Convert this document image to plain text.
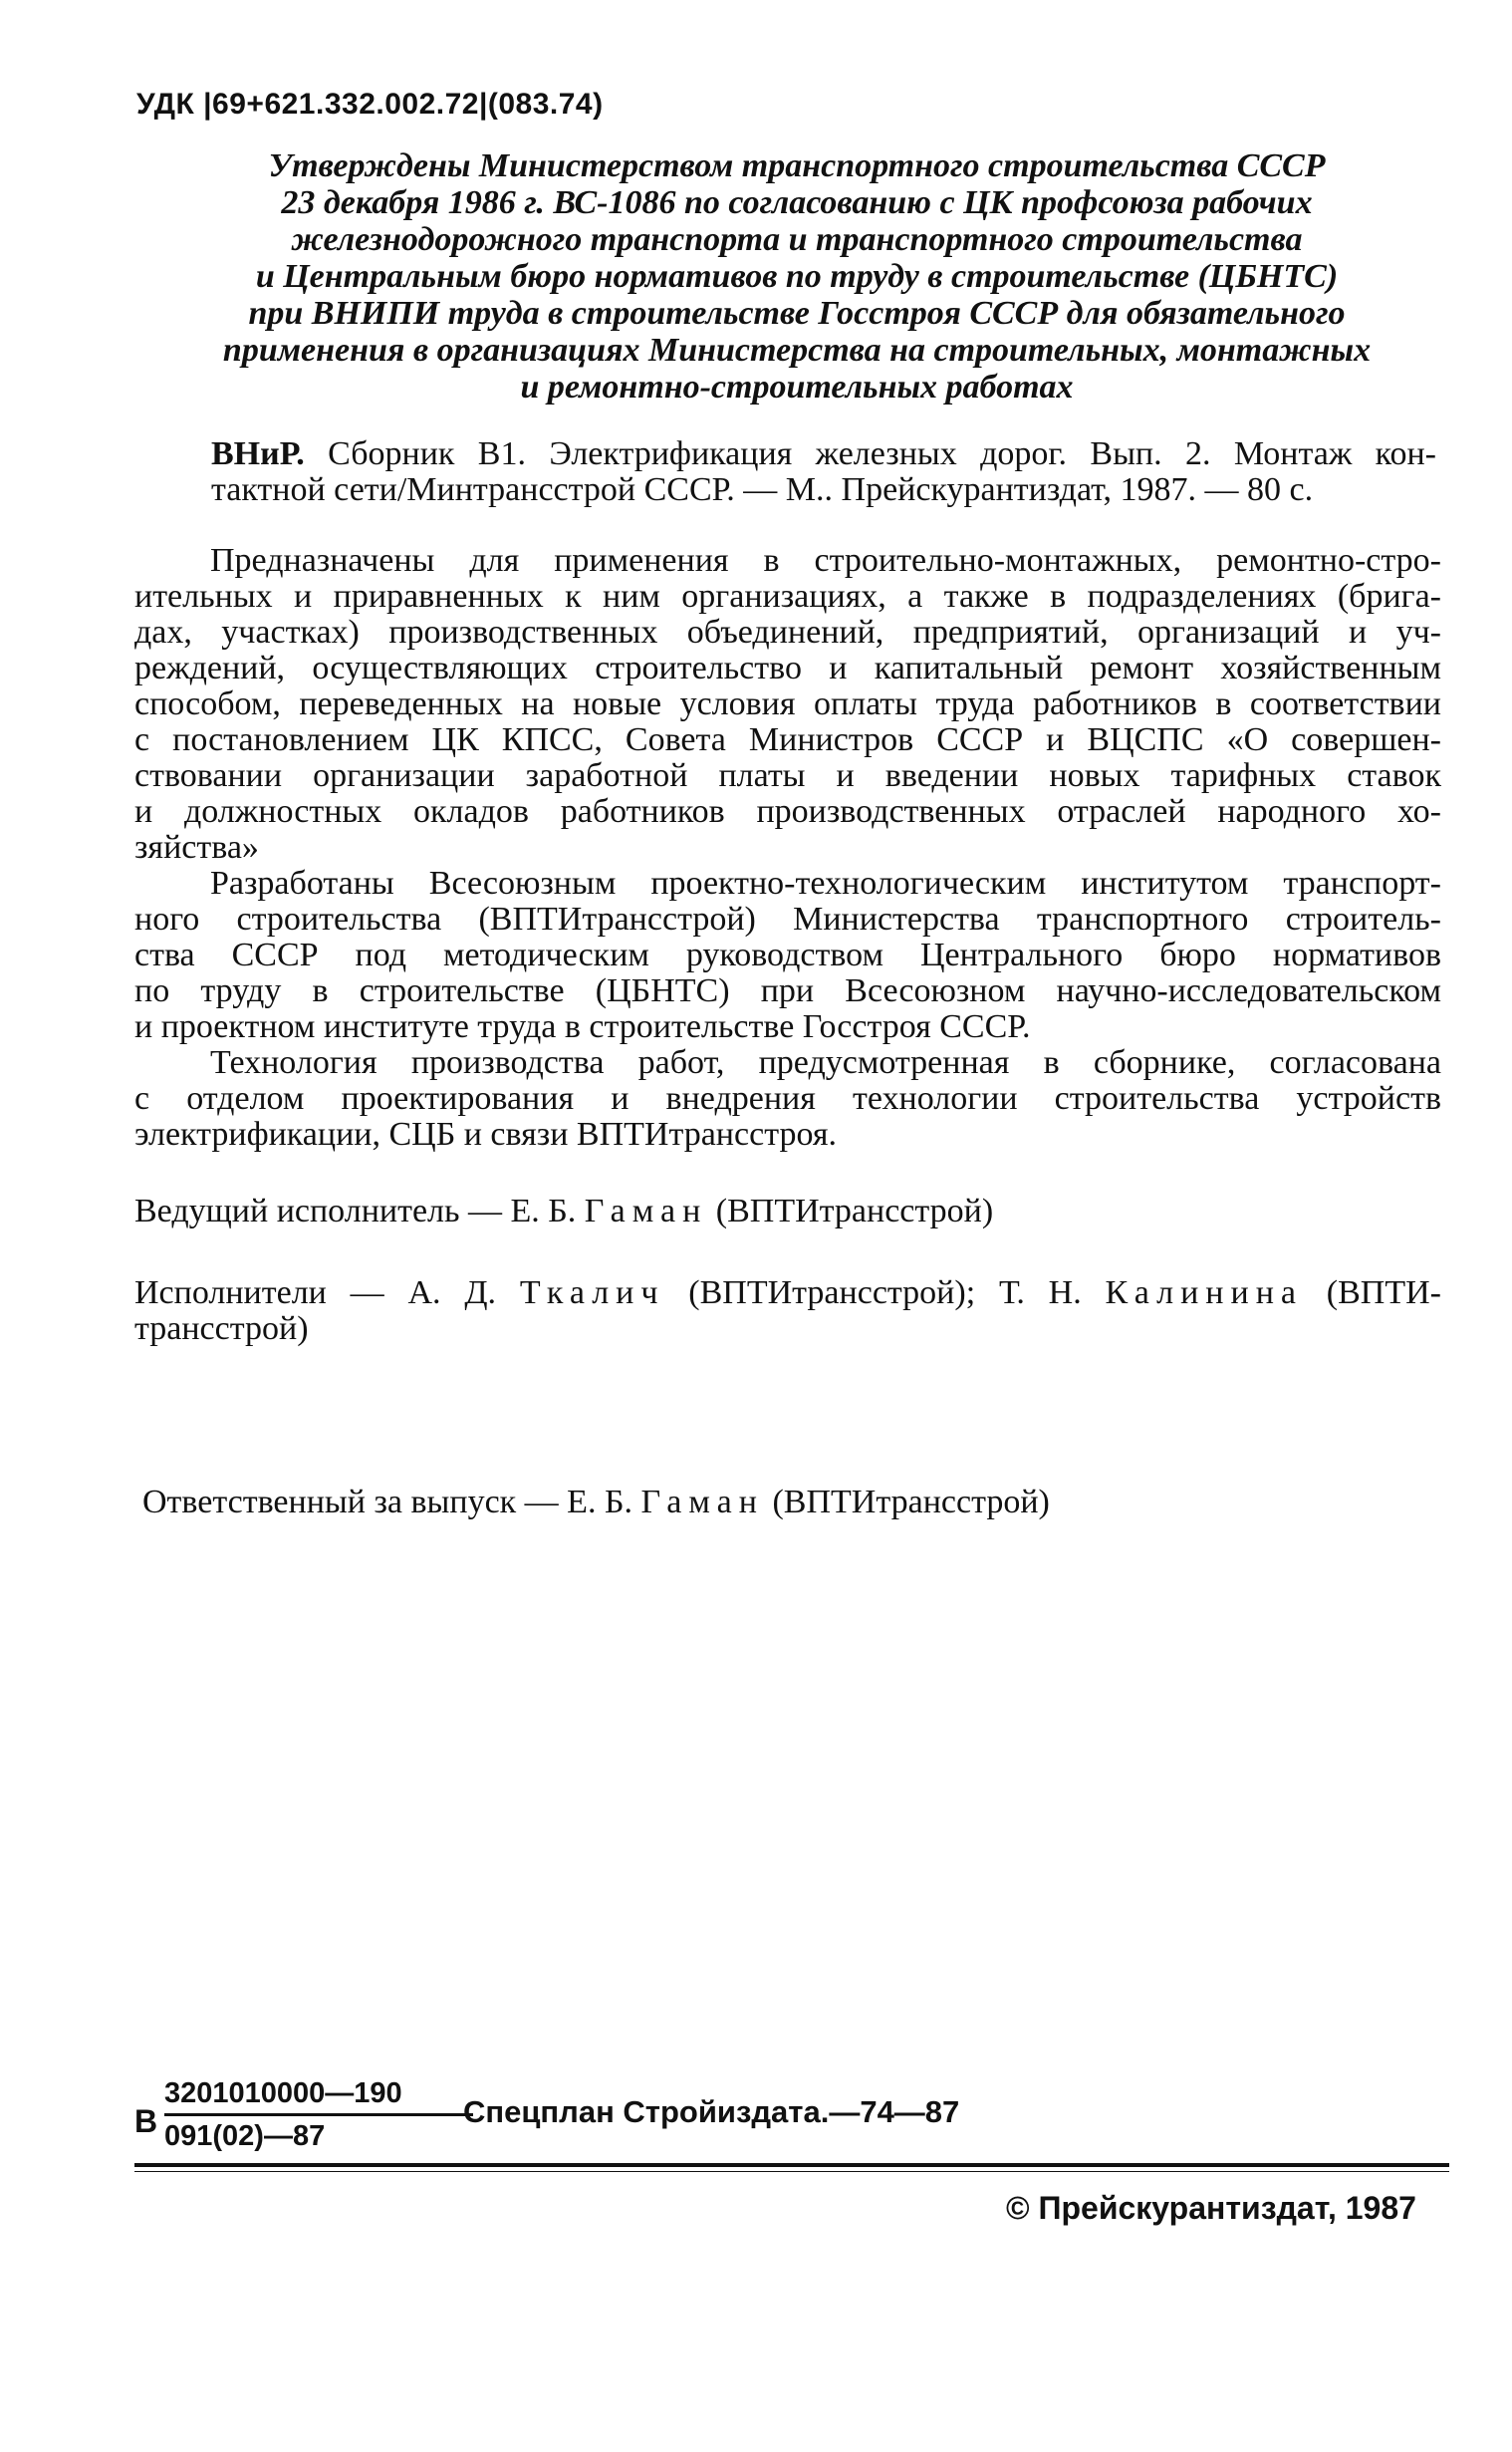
УДК |69+621.332.002.72|(083.74)
Утверждены Министерством транспортного строительства СССР
23 декабря 1986 г. ВС-1086 по согласованию с ЦК профсоюза рабочих
железнодорожного транспорта и транспортного строительства
и Центральным бюро нормативов по труду в строительстве (ЦБНТС)
при ВНИПИ труда в строительстве Госстроя СССР для обязательного
применения в организациях Министерства на строительных, монтажных
и ремонтно-строительных работах
ВНиР. Сборник В1. Электрификация железных дорог. Вып. 2. Монтаж кон-
тактной сети/Минтрансстрой СССР. — М.. Прейскурантиздат, 1987. — 80 с.
Предназначены для применения в строительно-монтажных, ремонтно-стро-
ительных и приравненных к ним организациях, а также в подразделениях (брига-
дах, участках) производственных объединений, предприятий, организаций и уч-
реждений, осуществляющих строительство и капитальный ремонт хозяйственным
способом, переведенных на новые условия оплаты труда работников в соответствии
с постановлением ЦК КПСС, Совета Министров СССР и ВЦСПС «О совершен-
ствовании организации заработной платы и введении новых тарифных ставок
и должностных окладов работников производственных отраслей народного хо-
зяйства»
Разработаны Всесоюзным проектно-технологическим институтом транспорт-
ного строительства (ВПТИтрансстрой) Министерства транспортного строитель-
ства СССР под методическим руководством Центрального бюро нормативов
по труду в строительстве (ЦБНТС) при Всесоюзном научно-исследовательском
и проектном институте труда в строительстве Госстроя СССР.
Технология производства работ, предусмотренная в сборнике, согласована
с отделом проектирования и внедрения технологии строительства устройств
электрификации, СЦБ и связи ВПТИтрансстроя.
Ведущий исполнитель — Е. Б. Гаман (ВПТИтрансстрой)
Исполнители — А. Д. Ткалич (ВПТИтрансстрой); Т. Н. Калинина (ВПТИ-
трансстрой)
Ответственный за выпуск — Е. Б. Гаман (ВПТИтрансстрой)
В
3201010000—190
091(02)—87
Спецплан Стройиздата.—74—87
© Прейскурантиздат, 1987
